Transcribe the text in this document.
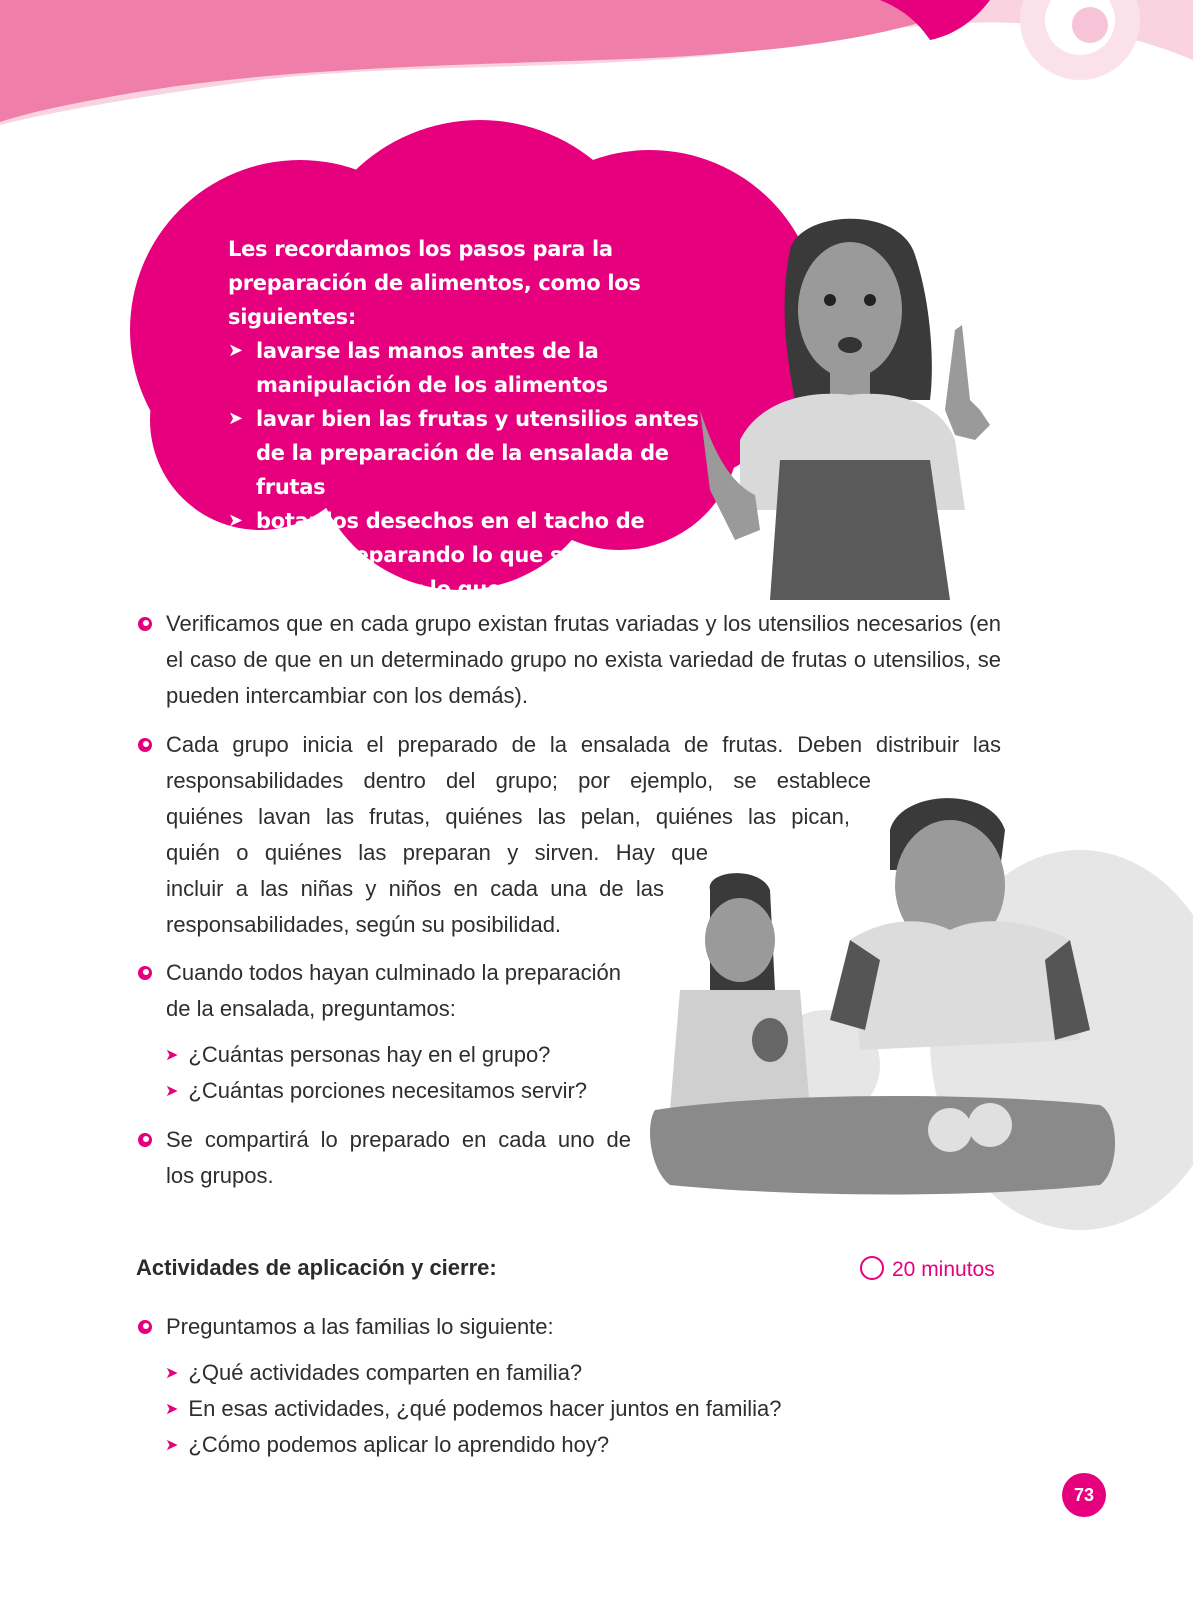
Les recordamos los pasos para la preparación de alimentos, como los siguientes:

➤ lavarse las manos antes de la manipulación de los alimentos
➤ lavar bien las frutas y utensilios antes de la preparación de la ensalada de frutas
➤ botar los desechos en el tacho de basura separando lo que se descompone y lo que no
Verificamos que en cada grupo existan frutas variadas y los utensilios necesarios (en el caso de que en un determinado grupo no exista variedad de frutas o utensilios, se pueden intercambiar con los demás).
Cada grupo inicia el preparado de la ensalada de frutas. Deben distribuir las
responsabilidades dentro del grupo; por ejemplo, se establece
quiénes lavan las frutas, quiénes las pelan, quiénes las pican,
quién o quiénes las preparan y sirven. Hay que
incluir a las niñas y niños en cada una de las
responsabilidades, según su posibilidad.
Cuando todos hayan culminado la preparación
de la ensalada, preguntamos:
➤ ¿Cuántas personas hay en el grupo?
➤ ¿Cuántas porciones necesitamos servir?
Se compartirá lo preparado en cada uno de
los grupos.
Actividades de aplicación y cierre:	20 minutos
Preguntamos a las familias lo siguiente:
➤ ¿Qué actividades comparten en familia?
➤ En esas actividades, ¿qué podemos hacer juntos en familia?
➤ ¿Cómo podemos aplicar lo aprendido hoy?
73
